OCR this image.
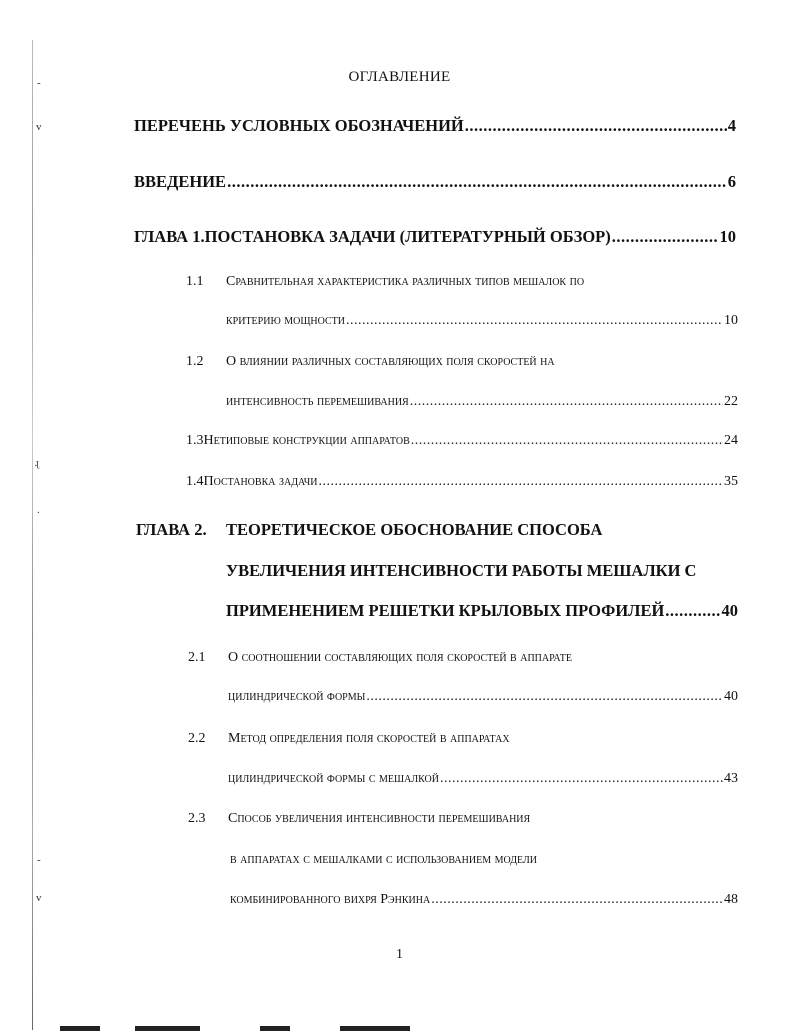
-
v
ɻ
.
-
v
ОГЛАВЛЕНИЕ
ПЕРЕЧЕНЬ УСЛОВНЫХ ОБОЗНАЧЕНИЙ .....	4
ВВЕДЕНИЕ .....	6
ГЛАВА 1. ПОСТАНОВКА ЗАДАЧИ (ЛИТЕРАТУРНЫЙ ОБЗОР) .....	10
1.1 Сравнительная характеристика различных типов мешалок по
критерию мощности .....	10
1.2 О влиянии различных составляющих поля скоростей на
интенсивность перемешивания .....	22
1.3 Нетиповые конструкции аппаратов .....	24
1.4 Постановка задачи .....	35
ГЛАВА 2. ТЕОРЕТИЧЕСКОЕ ОБОСНОВАНИЕ СПОСОБА
УВЕЛИЧЕНИЯ ИНТЕНСИВНОСТИ РАБОТЫ МЕШАЛКИ С
ПРИМЕНЕНИЕМ РЕШЕТКИ КРЫЛОВЫХ ПРОФИЛЕЙ .....	40
2.1 О соотношении составляющих поля скоростей в аппарате
цилиндрической формы .....	40
2.2 Метод определения поля скоростей в аппаратах
цилиндрической формы с мешалкой .....	43
2.3 Способ увеличения интенсивности перемешивания
в аппаратах с мешалками с использованием модели
комбинированного вихря Рэнкина .....	48
1
